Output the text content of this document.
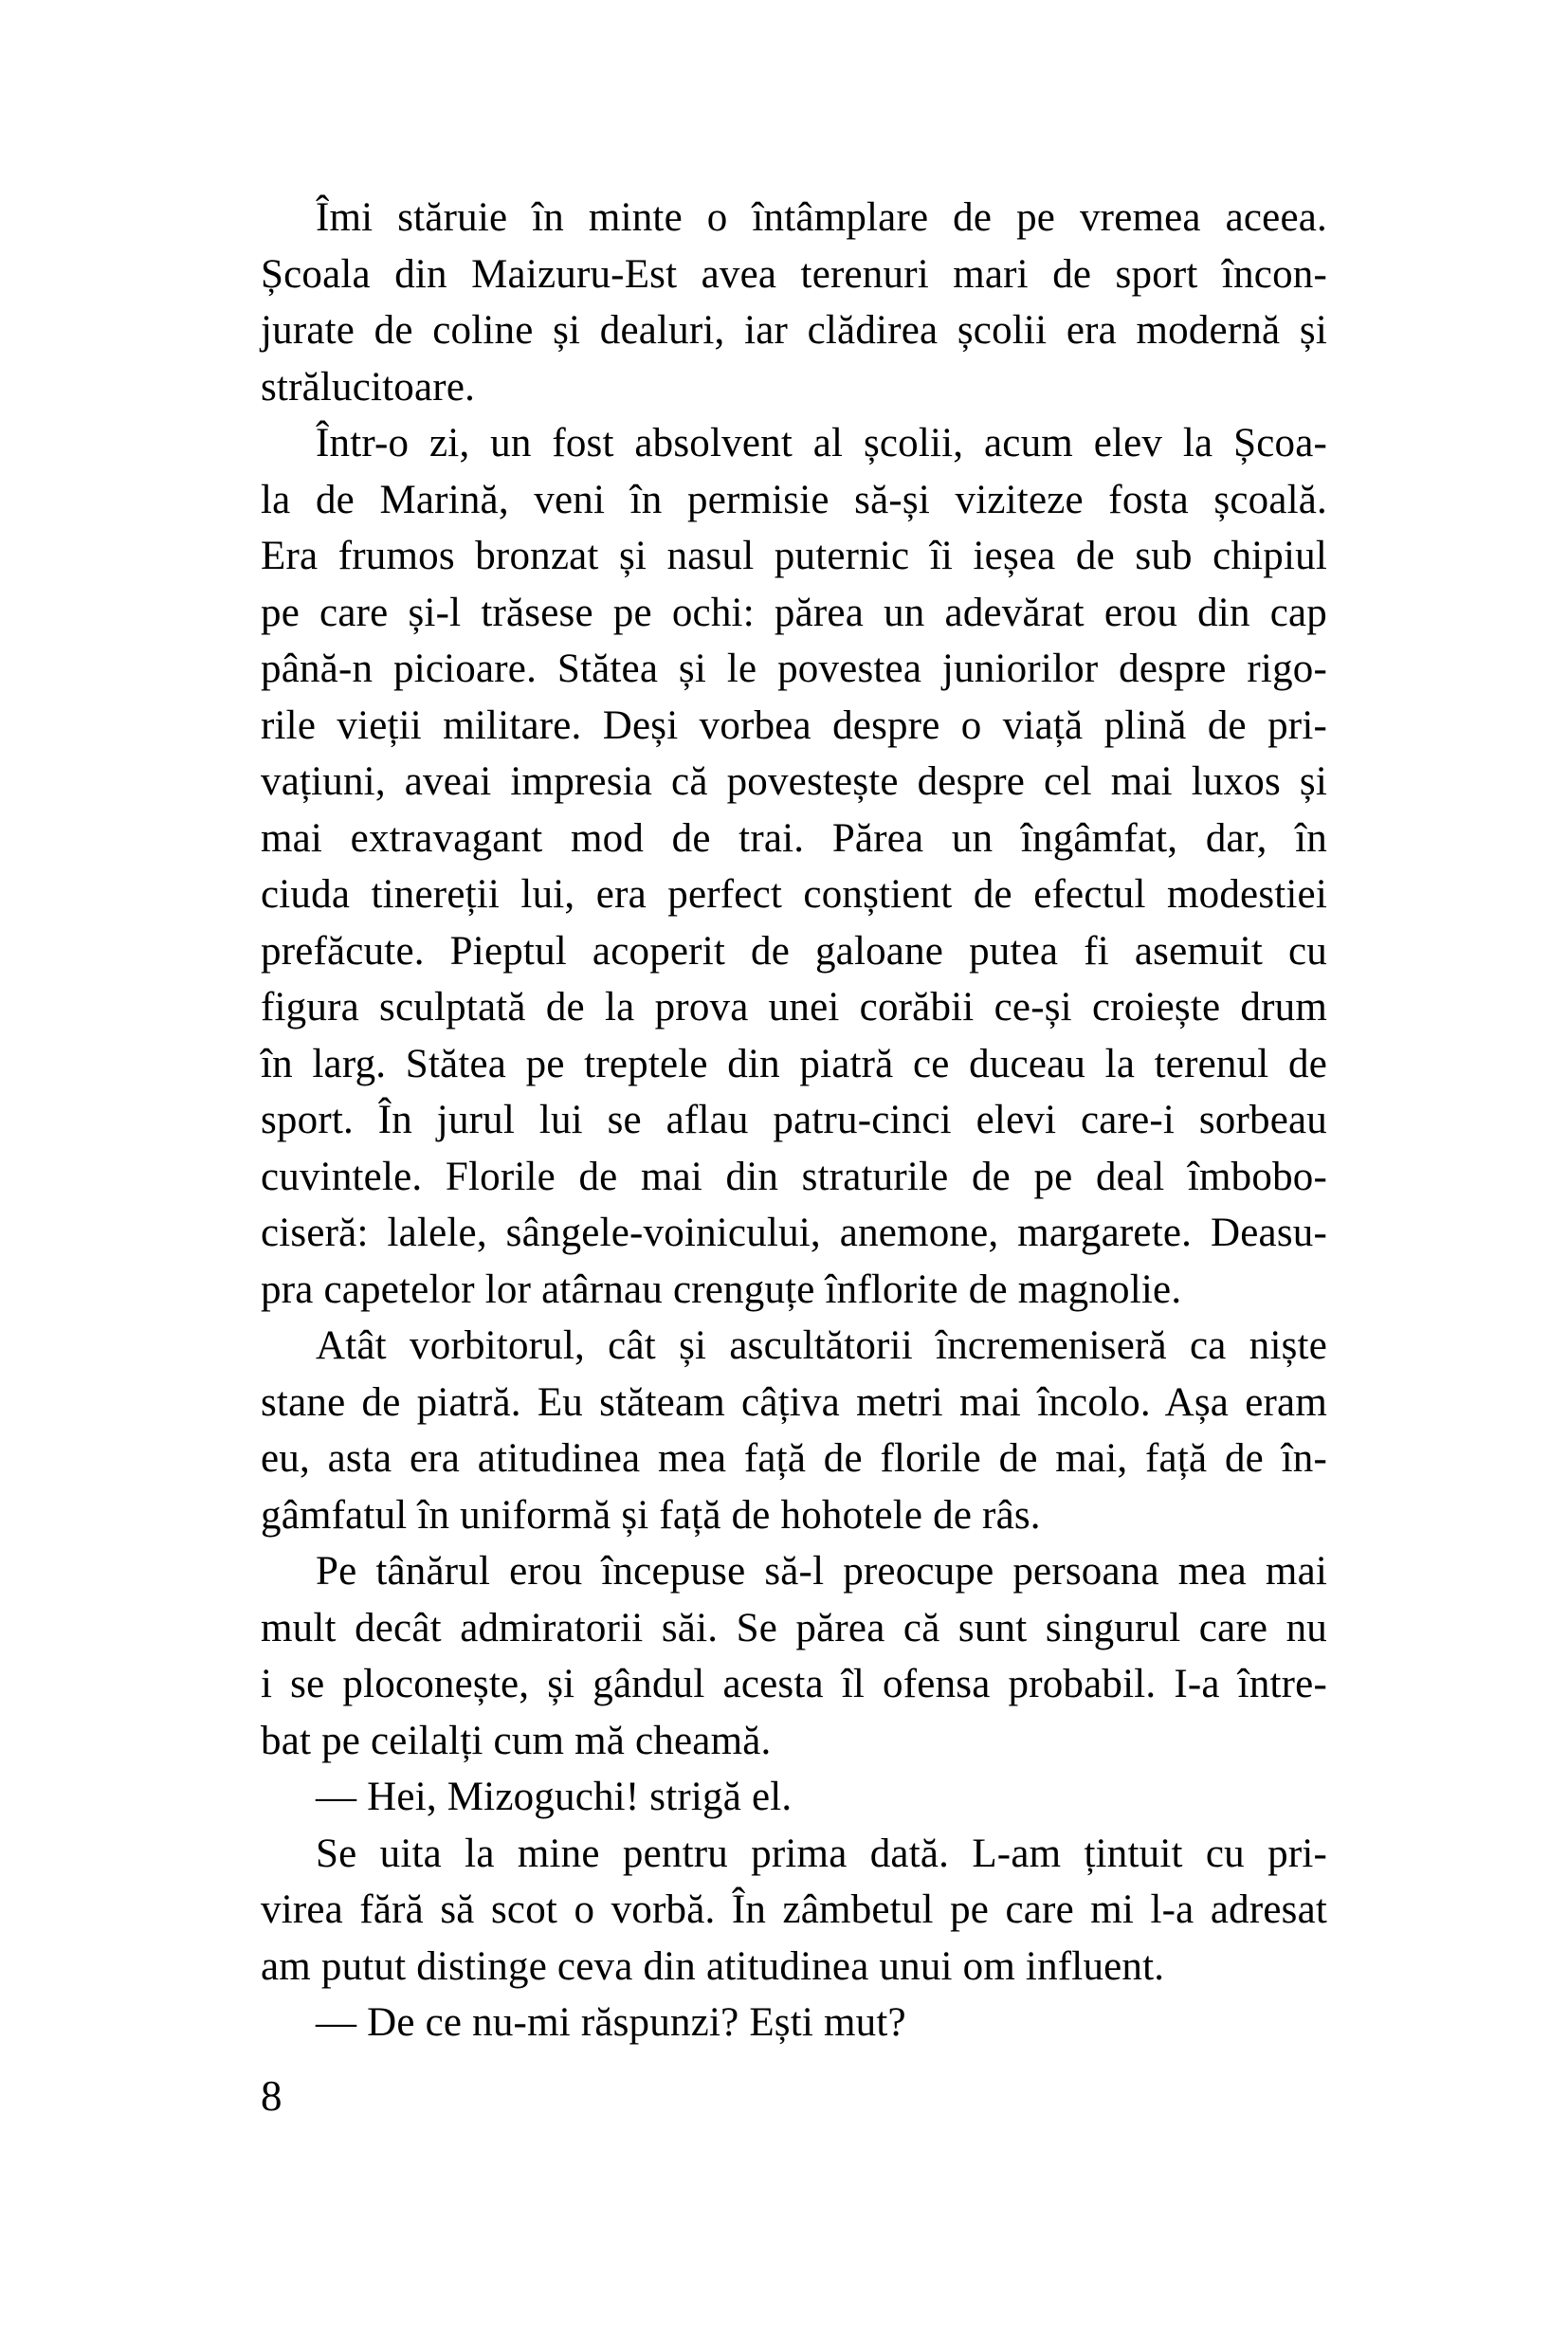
Îmi stăruie în minte o întâmplare de pe vremea aceea.
Școala din Maizuru-Est avea terenuri mari de sport încon-
jurate de coline și dealuri, iar clădirea școlii era modernă și
strălucitoare.
Într-o zi, un fost absolvent al școlii, acum elev la Școa-
la de Marină, veni în permisie să-și viziteze fosta școală.
Era frumos bronzat și nasul puternic îi ieșea de sub chipiul
pe care și-l trăsese pe ochi: părea un adevărat erou din cap
până-n picioare. Stătea și le povestea juniorilor despre rigo-
rile vieții militare. Deși vorbea despre o viață plină de pri-
vațiuni, aveai impresia că povestește despre cel mai luxos și
mai extravagant mod de trai. Părea un îngâmfat, dar, în
ciuda tinereții lui, era perfect conștient de efectul modestiei
prefăcute. Pieptul acoperit de galoane putea fi asemuit cu
figura sculptată de la prova unei corăbii ce-și croiește drum
în larg. Stătea pe treptele din piatră ce duceau la terenul de
sport. În jurul lui se aflau patru-cinci elevi care-i sorbeau
cuvintele. Florile de mai din straturile de pe deal îmbobo-
ciseră: lalele, sângele-voinicului, anemone, margarete. Deasu-
pra capetelor lor atârnau crenguțe înflorite de magnolie.
Atât vorbitorul, cât și ascultătorii încremeniseră ca niște
stane de piatră. Eu stăteam câțiva metri mai încolo. Așa eram
eu, asta era atitudinea mea față de florile de mai, față de în-
gâmfatul în uniformă și față de hohotele de râs.
Pe tânărul erou începuse să-l preocupe persoana mea mai
mult decât admiratorii săi. Se părea că sunt singurul care nu
i se ploconește, și gândul acesta îl ofensa probabil. I-a între-
bat pe ceilalți cum mă cheamă.
— Hei, Mizoguchi! strigă el.
Se uita la mine pentru prima dată. L-am țintuit cu pri-
virea fără să scot o vorbă. În zâmbetul pe care mi l-a adresat
am putut distinge ceva din atitudinea unui om influent.
— De ce nu-mi răspunzi? Ești mut?
8
